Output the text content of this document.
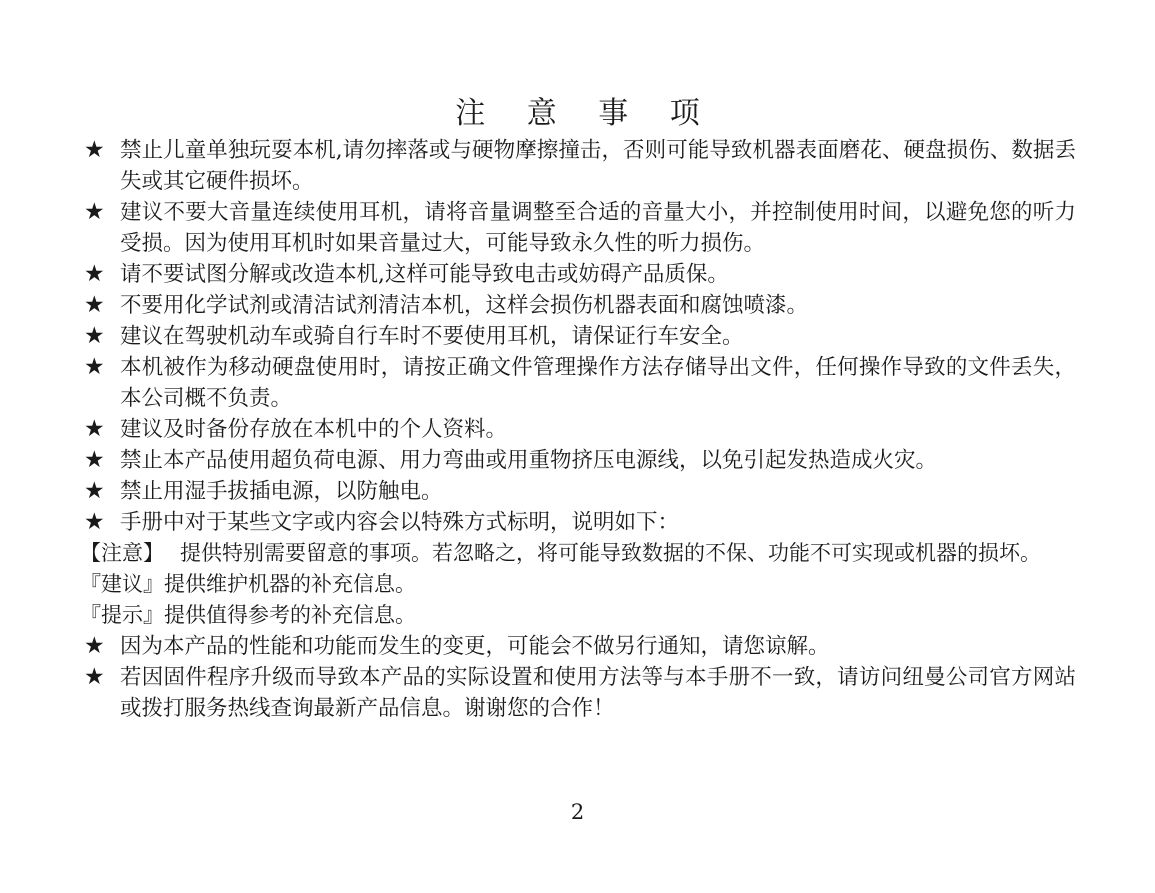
注 意 事 项
★ 禁止儿童单独玩耍本机,请勿摔落或与硬物摩擦撞击，否则可能导致机器表面磨花、硬盘损伤、数据丢失或其它硬件损坏。
★ 建议不要大音量连续使用耳机，请将音量调整至合适的音量大小，并控制使用时间，以避免您的听力受损。因为使用耳机时如果音量过大，可能导致永久性的听力损伤。
★ 请不要试图分解或改造本机,这样可能导致电击或妨碍产品质保。
★ 不要用化学试剂或清洁试剂清洁本机，这样会损伤机器表面和腐蚀喷漆。
★ 建议在驾驶机动车或骑自行车时不要使用耳机，请保证行车安全。
★ 本机被作为移动硬盘使用时，请按正确文件管理操作方法存储导出文件，任何操作导致的文件丢失，本公司概不负责。
★ 建议及时备份存放在本机中的个人资料。
★ 禁止本产品使用超负荷电源、用力弯曲或用重物挤压电源线，以免引起发热造成火灾。
★ 禁止用湿手拔插电源，以防触电。
★ 手册中对于某些文字或内容会以特殊方式标明，说明如下：
【注意】 提供特别需要留意的事项。若忽略之，将可能导致数据的不保、功能不可实现或机器的损坏。
『建议』 提供维护机器的补充信息。
『提示』 提供值得参考的补充信息。
★ 因为本产品的性能和功能而发生的变更，可能会不做另行通知，请您谅解。
★ 若因固件程序升级而导致本产品的实际设置和使用方法等与本手册不一致，请访问纽曼公司官方网站或拨打服务热线查询最新产品信息。谢谢您的合作！
2
